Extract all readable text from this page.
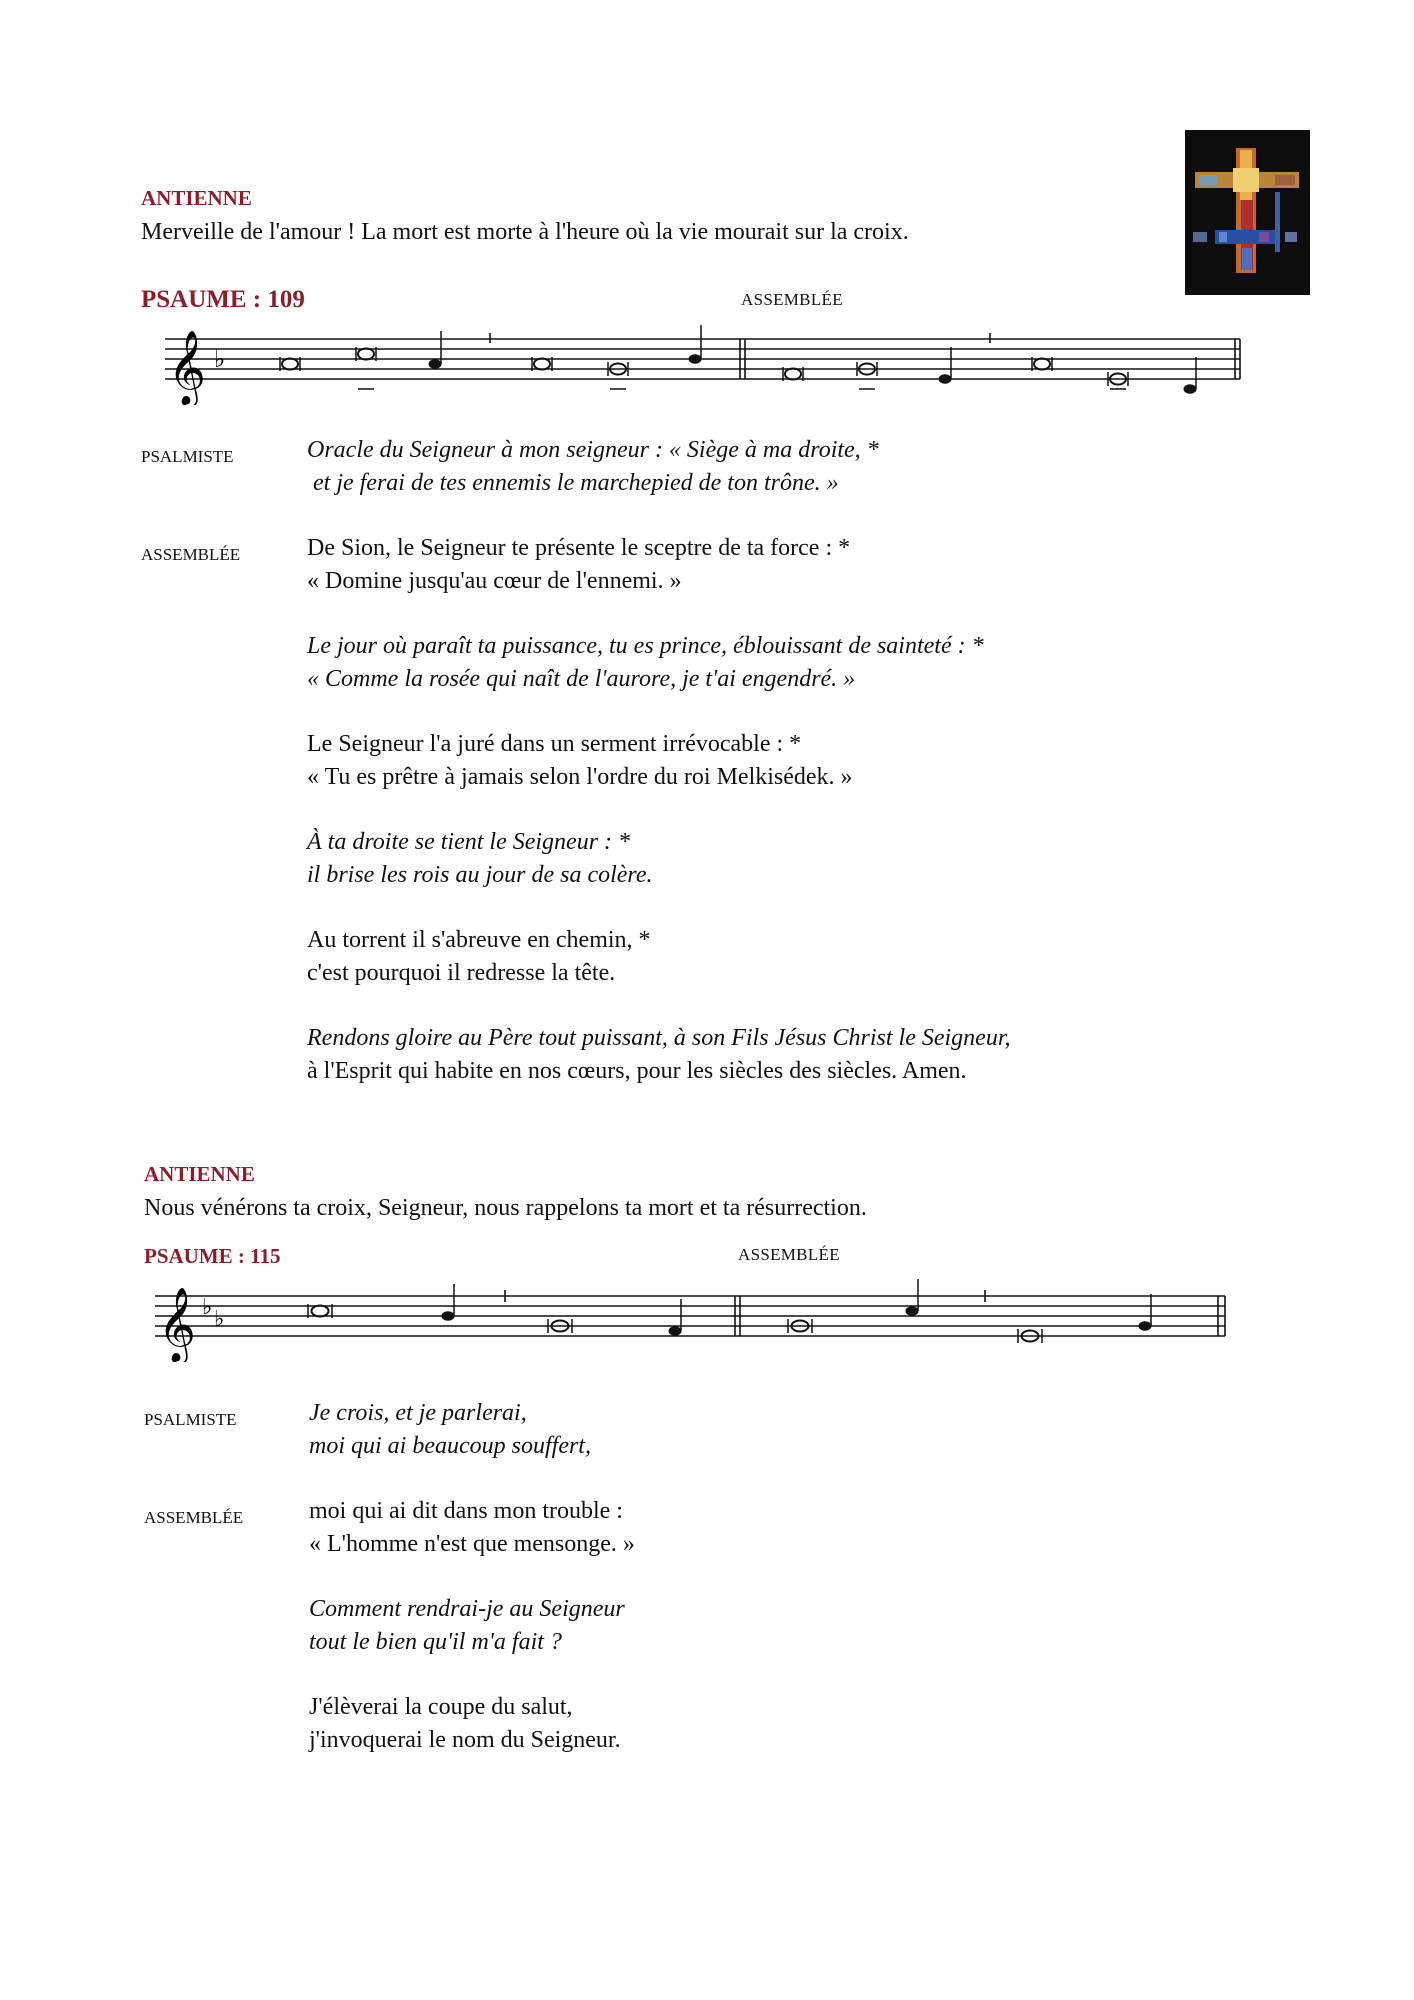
ANTIENNE
Merveille de l'amour ! La mort est morte à l'heure où la vie mourait sur la croix.
PSAUME : 109	ASSEMBLÉE
𝄞 ♭
PSALMISTE	Oracle du Seigneur à mon seigneur : « Siège à ma droite, *
et je ferai de tes ennemis le marchepied de ton trône. »
ASSEMBLÉE	De Sion, le Seigneur te présente le sceptre de ta force : *
« Domine jusqu'au cœur de l'ennemi. »
Le jour où paraît ta puissance, tu es prince, éblouissant de sainteté : *
« Comme la rosée qui naît de l'aurore, je t'ai engendré. »
Le Seigneur l'a juré dans un serment irrévocable : *
« Tu es prêtre à jamais selon l'ordre du roi Melkisédek. »
À ta droite se tient le Seigneur : *
il brise les rois au jour de sa colère.
Au torrent il s'abreuve en chemin, *
c'est pourquoi il redresse la tête.
Rendons gloire au Père tout puissant, à son Fils Jésus Christ le Seigneur,
à l'Esprit qui habite en nos cœurs, pour les siècles des siècles. Amen.
ANTIENNE
Nous vénérons ta croix, Seigneur, nous rappelons ta mort et ta résurrection.
PSAUME : 115	ASSEMBLÉE
𝄞 ♭ ♭
PSALMISTE	Je crois, et je parlerai,
moi qui ai beaucoup souffert,
ASSEMBLÉE	moi qui ai dit dans mon trouble :
« L'homme n'est que mensonge. »
Comment rendrai-je au Seigneur
tout le bien qu'il m'a fait ?
J'élèverai la coupe du salut,
j'invoquerai le nom du Seigneur.
